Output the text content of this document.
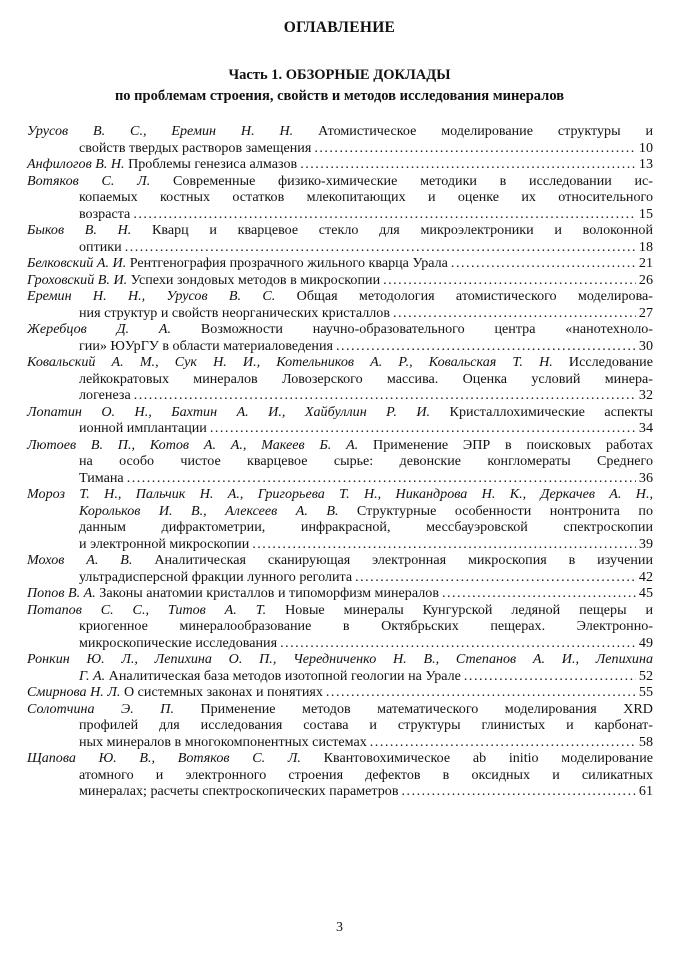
ОГЛАВЛЕНИЕ
Часть 1. ОБЗОРНЫЕ ДОКЛАДЫ
по проблемам строения, свойств и методов исследования минералов
Урусов В. С., Еремин Н. Н. Атомистическое моделирование структуры и
свойств твердых растворов замещения .....	10
Анфилогов В. Н. Проблемы генезиса алмазов .....	13
Вотяков С. Л. Современные физико-химические методики в исследовании ис-
копаемых костных остатков млекопитающих и оценке их относительного
возраста .....	15
Быков В. Н. Кварц и кварцевое стекло для микроэлектроники и волоконной
оптики .....	18
Белковский А. И. Рентгенография прозрачного жильного кварца Урала .....	21
Гроховский В. И. Успехи зондовых методов в микроскопии .....	26
Еремин Н. Н., Урусов В. С. Общая методология атомистического моделирова-
ния структур и свойств неорганических кристаллов .....	27
Жеребцов Д. А. Возможности научно-образовательного центра «нанотехноло-
гии» ЮУрГУ в области материаловедения .....	30
Ковальский А. М., Сук Н. И., Котельников А. Р., Ковальская Т. Н. Исследование
лейкократовых минералов Ловозерского массива. Оценка условий минера-
логенеза .....	32
Лопатин О. Н., Бахтин А. И., Хайбуллин Р. И. Кристаллохимические аспекты
ионной имплантации .....	34
Лютоев В. П., Котов А. А., Макеев Б. А. Применение ЭПР в поисковых работах
на особо чистое кварцевое сырье: девонские конгломераты Среднего
Тимана .....	36
Мороз Т. Н., Пальчик Н. А., Григорьева Т. Н., Никандрова Н. К., Деркачев А. Н.,
Корольков И. В., Алексеев А. В. Структурные особенности нонтронита по
данным дифрактометрии, инфракрасной, мессбауэровской спектроскопии
и электронной микроскопии .....	39
Мохов А. В. Аналитическая сканирующая электронная микроскопия в изучении
ультрадисперсной фракции лунного реголита .....	42
Попов В. А. Законы анатомии кристаллов и типоморфизм минералов .....	45
Потапов С. С., Титов А. Т. Новые минералы Кунгурской ледяной пещеры и
криогенное минералообразование в Октябрьских пещерах. Электронно-
микроскопические исследования .....	49
Ронкин Ю. Л., Лепихина О. П., Чередниченко Н. В., Степанов А. И., Лепихина
Г. А. Аналитическая база методов изотопной геологии на Урале .....	52
Смирнова Н. Л. О системных законах и понятиях .....	55
Солотчина Э. П. Применение методов математического моделирования XRD
профилей для исследования состава и структуры глинистых и карбонат-
ных минералов в многокомпонентных системах .....	58
Щапова Ю. В., Вотяков С. Л. Квантовохимическое ab initio моделирование
атомного и электронного строения дефектов в оксидных и силикатных
минералах; расчеты спектроскопических параметров .....	61
3
